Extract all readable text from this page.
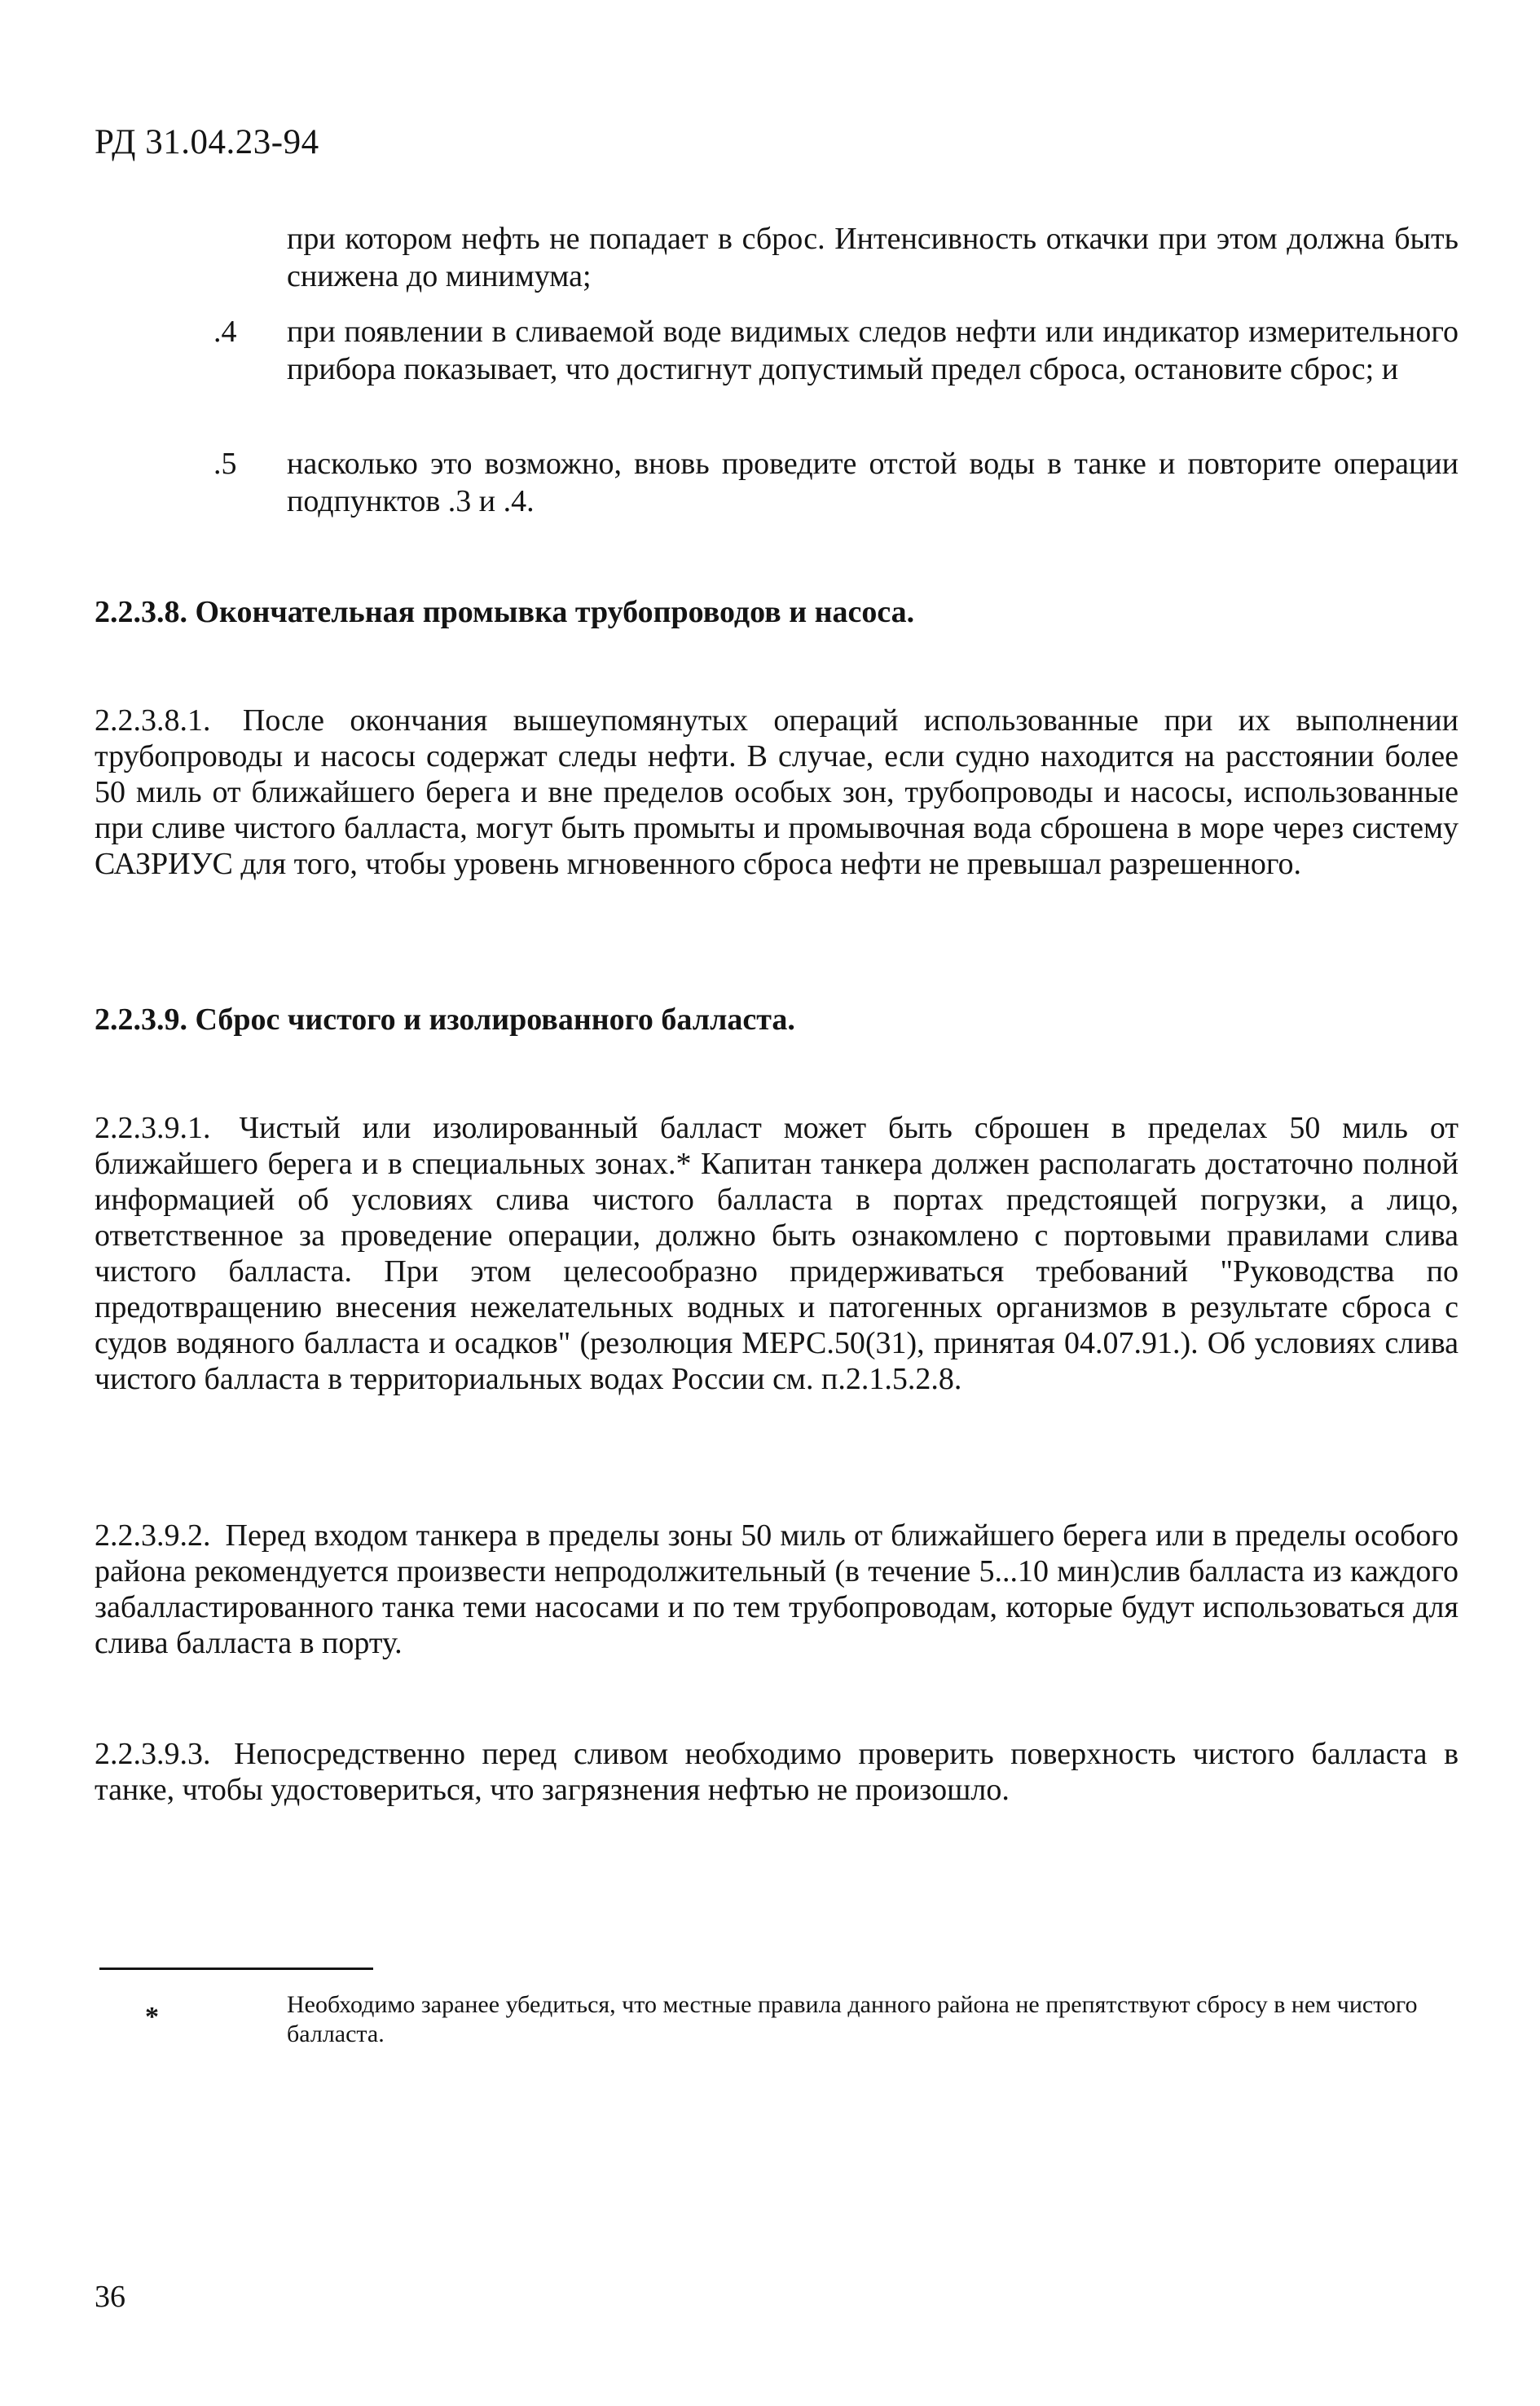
РД 31.04.23-94
при котором нефть не попадает в сброс. Интенсивность откачки при этом должна быть снижена до минимума;
.4 при появлении в сливаемой воде видимых следов нефти или индикатор измерительного прибора показывает, что достигнут допустимый предел сброса, остановите сброс; и
.5 насколько это возможно, вновь проведите отстой воды в танке и повторите операции подпунктов .3 и .4.
2.2.3.8. Окончательная промывка трубопроводов и насоса.
2.2.3.8.1. После окончания вышеупомянутых операций использованные при их выполнении трубопроводы и насосы содержат следы нефти. В случае, если судно находится на расстоянии более 50 миль от ближайшего берега и вне пределов особых зон, трубопроводы и насосы, использованные при сливе чистого балласта, могут быть промыты и промывочная вода сброшена в море через систему САЗРИУС для того, чтобы уровень мгновенного сброса нефти не превышал разрешенного.
2.2.3.9. Сброс чистого и изолированного балласта.
2.2.3.9.1. Чистый или изолированный балласт может быть сброшен в пределах 50 миль от ближайшего берега и в специальных зонах.* Капитан танкера должен располагать достаточно полной информацией об условиях слива чистого балласта в портах предстоящей погрузки, а лицо, ответственное за проведение операции, должно быть ознакомлено с портовыми правилами слива чистого балласта. При этом целесообразно придерживаться требований "Руководства по предотвращению внесения нежелательных водных и патогенных организмов в результате сброса с судов водяного балласта и осадков" (резолюция МЕРС.50(31), принятая 04.07.91.). Об условиях слива чистого балласта в территориальных водах России см. п.2.1.5.2.8.
2.2.3.9.2. Перед входом танкера в пределы зоны 50 миль от ближайшего берега или в пределы особого района рекомендуется произвести непродолжительный (в течение 5...10 мин)слив балласта из каждого забалластированного танка теми насосами и по тем трубопроводам, которые будут использоваться для слива балласта в порту.
2.2.3.9.3. Непосредственно перед сливом необходимо проверить поверхность чистого балласта в танке, чтобы удостовериться, что загрязнения нефтью не произошло.
*	Необходимо заранее убедиться, что местные правила данного района не препятствуют сбросу в нем чистого балласта.
36
